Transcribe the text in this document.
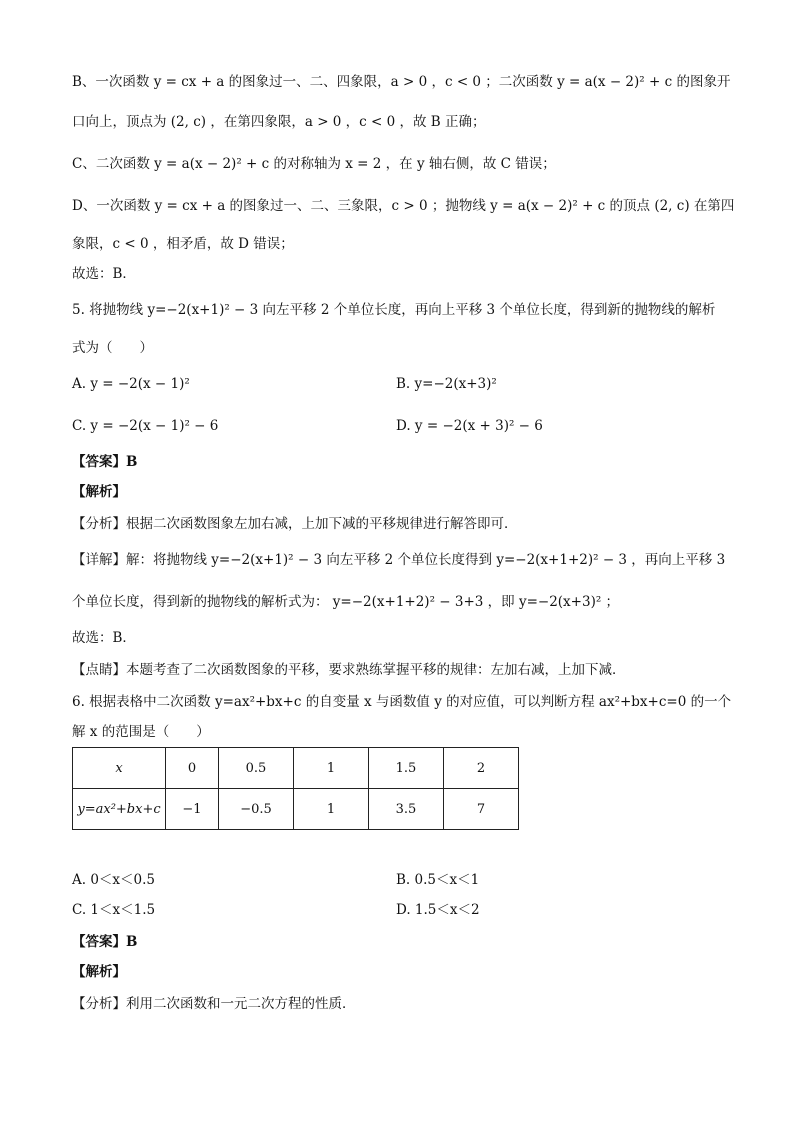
B、一次函数 y = cx + a 的图象过一、二、四象限，a > 0 ，c < 0 ；二次函数 y = a(x − 2)² + c 的图象开
口向上，顶点为 (2, c) ，在第四象限，a > 0 ，c < 0 ，故 B 正确；
C、二次函数 y = a(x − 2)² + c 的对称轴为 x = 2 ，在 y 轴右侧，故 C 错误；
D、一次函数 y = cx + a 的图象过一、二、三象限，c > 0 ；抛物线 y = a(x − 2)² + c 的顶点 (2, c) 在第四
象限，c < 0 ，相矛盾，故 D 错误；
故选：B．
5. 将抛物线 y=−2(x+1)² − 3 向左平移 2 个单位长度，再向上平移 3 个单位长度，得到新的抛物线的解析
式为（　　）
A. y = −2(x − 1)²	B. y=−2(x+3)²
C. y = −2(x − 1)² − 6	D. y = −2(x + 3)² − 6
【答案】B
【解析】
【分析】根据二次函数图象左加右减，上加下减的平移规律进行解答即可．
【详解】解：将抛物线 y=−2(x+1)² − 3 向左平移 2 个单位长度得到 y=−2(x+1+2)² − 3 ，再向上平移 3
个单位长度，得到新的抛物线的解析式为： y=−2(x+1+2)² − 3+3 ，即 y=−2(x+3)² ；
故选：B．
【点睛】本题考查了二次函数图象的平移，要求熟练掌握平移的规律：左加右减，上加下减．
6. 根据表格中二次函数 y=ax²+bx+c 的自变量 x 与函数值 y 的对应值，可以判断方程 ax²+bx+c=0 的一个
解 x 的范围是（　　）
x	0	0.5	1	1.5	2
y=ax²+bx+c	−1	−0.5	1	3.5	7
A. 0＜x＜0.5	B. 0.5＜x＜1
C. 1＜x＜1.5	D. 1.5＜x＜2
【答案】B
【解析】
【分析】利用二次函数和一元二次方程的性质．
